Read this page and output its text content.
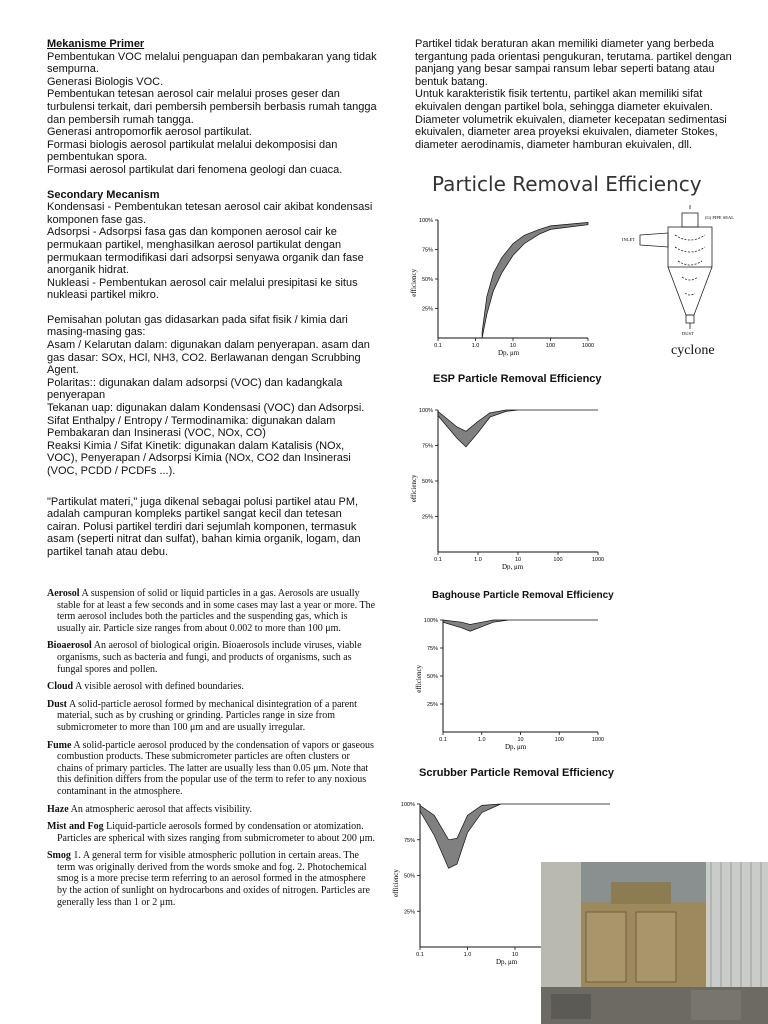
Mekanisme Primer

Pembentukan VOC melalui penguapan dan pembakaran yang tidak sempurna.

Generasi Biologis VOC.

Pembentukan tetesan aerosol cair melalui proses geser dan turbulensi terkait, dari pembersih pembersih berbasis rumah tangga dan pembersih rumah tangga.

Generasi antropomorfik aerosol partikulat.

Formasi biologis aerosol partikulat melalui dekomposisi dan pembentukan spora.

Formasi aerosol partikulat dari fenomena geologi dan cuaca.

Secondary Mecanism

Kondensasi - Pembentukan tetesan aerosol cair akibat kondensasi komponen fase gas.

Adsorpsi - Adsorpsi fasa gas dan komponen aerosol cair ke permukaan partikel, menghasilkan aerosol partikulat dengan permukaan termodifikasi dari adsorpsi senyawa organik dan fase anorganik hidrat.

Nukleasi - Pembentukan aerosol cair melalui presipitasi ke situs nukleasi partikel mikro.

Pemisahan polutan gas didasarkan pada sifat fisik / kimia dari masing-masing gas:

Asam / Kelarutan dalam: digunakan dalam penyerapan. asam dan gas dasar: SOx, HCl, NH3, CO2. Berlawanan dengan Scrubbing Agent.

Polaritas:: digunakan dalam adsorpsi (VOC) dan kadangkala penyerapan

Tekanan uap: digunakan dalam Kondensasi (VOC) dan Adsorpsi.

Sifat Enthalpy / Entropy / Termodinamika: digunakan dalam Pembakaran dan Insinerasi (VOC, NOx, CO)

Reaksi Kimia / Sifat Kinetik: digunakan dalam Katalisis (NOx, VOC), Penyerapan / Adsorpsi Kimia (NOx, CO2 dan Insinerasi (VOC, PCDD / PCDFs ...).

"Partikulat materi," juga dikenal sebagai polusi partikel atau PM, adalah campuran kompleks partikel sangat kecil dan tetesan cairan. Polusi partikel terdiri dari sejumlah komponen, termasuk asam (seperti nitrat dan sulfat), bahan kimia organik, logam, dan partikel tanah atau debu.

Aerosol A suspension of solid or liquid particles in a gas. Aerosols are usually stable for at least a few seconds and in some cases may last a year or more. The term aerosol includes both the particles and the suspending gas, which is usually air. Particle size ranges from about 0.002 to more than 100 μm.

Bioaerosol An aerosol of biological origin. Bioaerosols include viruses, viable organisms, such as bacteria and fungi, and products of organisms, such as fungal spores and pollen.

Cloud A visible aerosol with defined boundaries.

Dust A solid-particle aerosol formed by mechanical disintegration of a parent material, such as by crushing or grinding. Particles range in size from submicrometer to more than 100 μm and are usually irregular.

Fume A solid-particle aerosol produced by the condensation of vapors or gaseous combustion products. These submicrometer particles are often clusters or chains of primary particles. The latter are usually less than 0.05 μm. Note that this definition differs from the popular use of the term to refer to any noxious contaminant in the atmosphere.

Haze An atmospheric aerosol that affects visibility.

Mist and Fog Liquid-particle aerosols formed by condensation or atomization. Particles are spherical with sizes ranging from submicrometer to about 200 μm.

Smog 1. A general term for visible atmospheric pollution in certain areas. The term was originally derived from the words smoke and fog. 2. Photochemical smog is a more precise term referring to an aerosol formed in the atmosphere by the action of sunlight on hydrocarbons and oxides of nitrogen. Particles are generally less than 1 or 2 μm.

Partikel tidak beraturan akan memiliki diameter yang berbeda tergantung pada orientasi pengukuran, terutama. partikel dengan panjang yang besar sampai ransum lebar seperti batang atau bentuk batang.

Untuk karakteristik fisik tertentu, partikel akan memiliki sifat ekuivalen dengan partikel bola, sehingga diameter ekuivalen.

Diameter volumetrik ekuivalen, diameter kecepatan sedimentasi ekuivalen, diameter area proyeksi ekuivalen, diameter Stokes, diameter aerodinamis, diameter hamburan ekuivalen, dll.

Particle Removal Efficiency
ESP Particle Removal Efficiency
Baghouse Particle Removal Efficiency
Scrubber Particle Removal Efficiency
(G) PIPE SEAL
INLET
DUST
cyclone
100%
75%
50%
25%
0.1	1.0	10	100	1000
Dp, μm
efficiency
100%
75%
50%
25%
0.1	1.0	10	100	1000
Dp, μm
efficiency
100%
75%
50%
25%
0.1	1.0	10	100	1000
Dp, μm
efficiency
100%
75%
50%
25%
0.1	1.0	10
Dp, μm
efficiency
